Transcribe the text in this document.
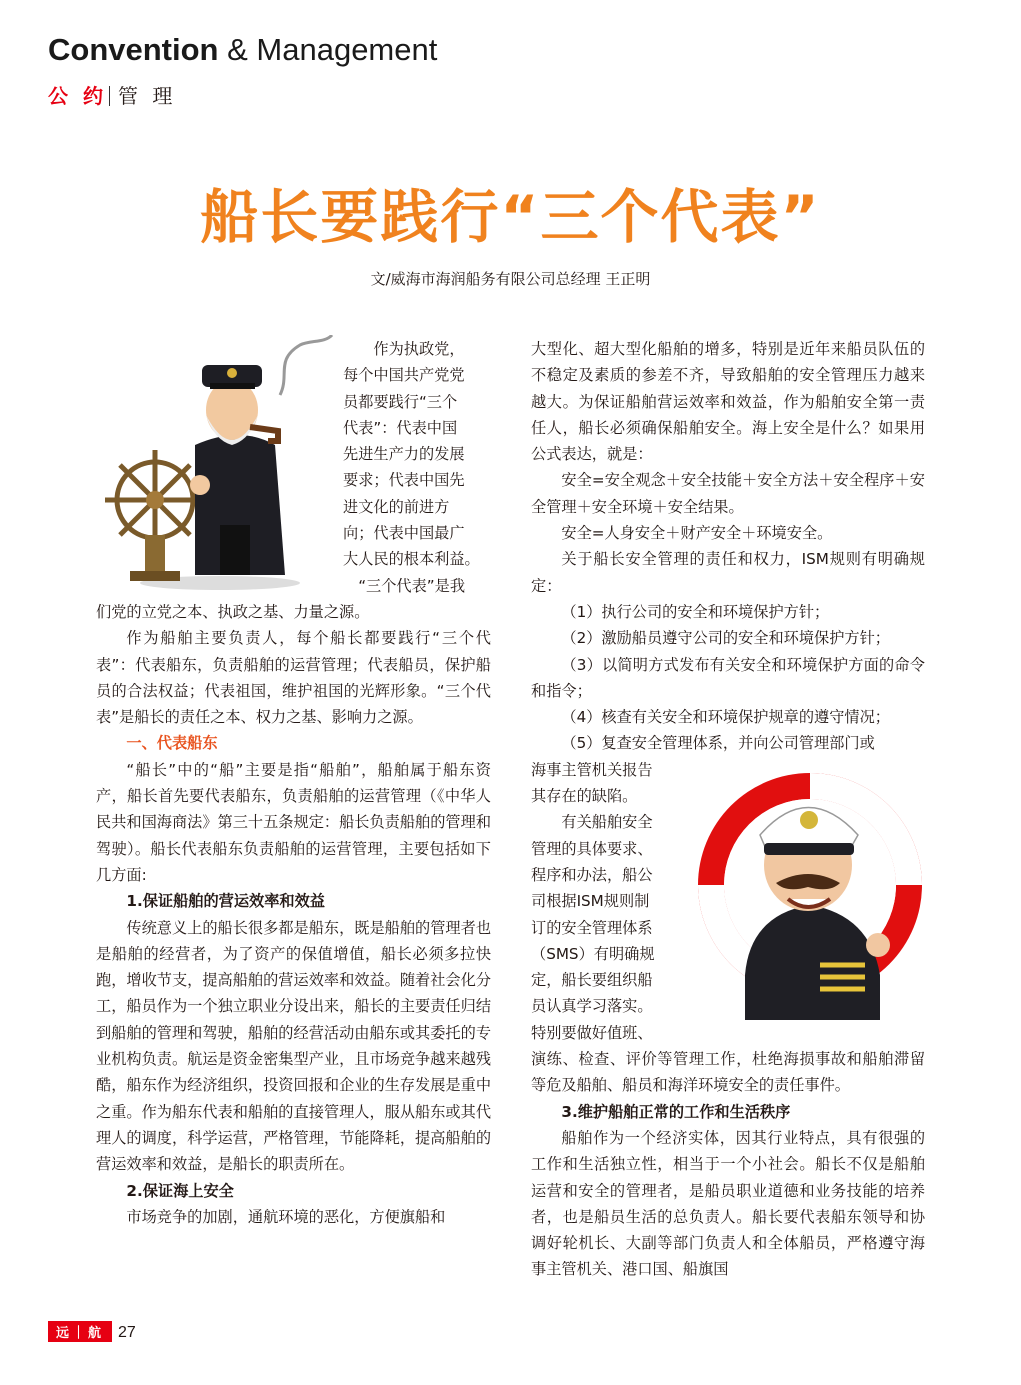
Convention & Management
公 约 管 理
船长要践行“三个代表”
文/威海市海润船务有限公司总经理 王正明
作为执政党，
每个中国共产党党
员都要践行“三个
代表”：代表中国
先进生产力的发展
要求；代表中国先
进文化的前进方
向；代表中国最广
大人民的根本利益。
“三个代表”是我

们党的立党之本、执政之基、力量之源。

作为船舶主要负责人，每个船长都要践行“三个代表”：代表船东，负责船舶的运营管理；代表船员，保护船员的合法权益；代表祖国，维护祖国的光辉形象。“三个代表”是船长的责任之本、权力之基、影响力之源。

一、代表船东

“船长”中的“船”主要是指“船舶”，船舶属于船东资产，船长首先要代表船东，负责船舶的运营管理（《中华人民共和国海商法》第三十五条规定：船长负责船舶的管理和驾驶）。船长代表船东负责船舶的运营管理，主要包括如下几方面:

1.保证船舶的营运效率和效益

传统意义上的船长很多都是船东，既是船舶的管理者也是船舶的经营者，为了资产的保值增值，船长必须多拉快跑，增收节支，提高船舶的营运效率和效益。随着社会化分工，船员作为一个独立职业分设出来，船长的主要责任归结到船舶的管理和驾驶，船舶的经营活动由船东或其委托的专业机构负责。航运是资金密集型产业，且市场竞争越来越残酷，船东作为经济组织，投资回报和企业的生存发展是重中之重。作为船东代表和船舶的直接管理人，服从船东或其代理人的调度，科学运营，严格管理，节能降耗，提高船舶的营运效率和效益，是船长的职责所在。

2.保证海上安全

市场竞争的加剧，通航环境的恶化，方便旗船和

大型化、超大型化船舶的增多，特别是近年来船员队伍的不稳定及素质的参差不齐，导致船舶的安全管理压力越来越大。为保证船舶营运效率和效益，作为船舶安全第一责任人，船长必须确保船舶安全。海上安全是什么？如果用公式表达，就是：

安全=安全观念＋安全技能＋安全方法＋安全程序＋安全管理＋安全环境＋安全结果。

安全=人身安全＋财产安全＋环境安全。

关于船长安全管理的责任和权力，ISM规则有明确规定：

（1）执行公司的安全和环境保护方针；

（2）激励船员遵守公司的安全和环境保护方针；

（3）以简明方式发布有关安全和环境保护方面的命令和指令；

（4）核查有关安全和环境保护规章的遵守情况；

（5）复查安全管理体系，并向公司管理部门或

海事主管机关报告
其存在的缺陷。
有关船舶安全
管理的具体要求、
程序和办法，船公
司根据ISM规则制
订的安全管理体系
（SMS）有明确规
定，船长要组织船
员认真学习落实。
特别要做好值班、

演练、检查、评价等管理工作，杜绝海损事故和船舶滞留等危及船舶、船员和海洋环境安全的责任事件。

3.维护船舶正常的工作和生活秩序

船舶作为一个经济实体，因其行业特点，具有很强的工作和生活独立性，相当于一个小社会。船长不仅是船舶运营和安全的管理者，是船员职业道德和业务技能的培养者，也是船员生活的总负责人。船长要代表船东领导和协调好轮机长、大副等部门负责人和全体船员，严格遵守海事主管机关、港口国、船旗国

远｜航 27
